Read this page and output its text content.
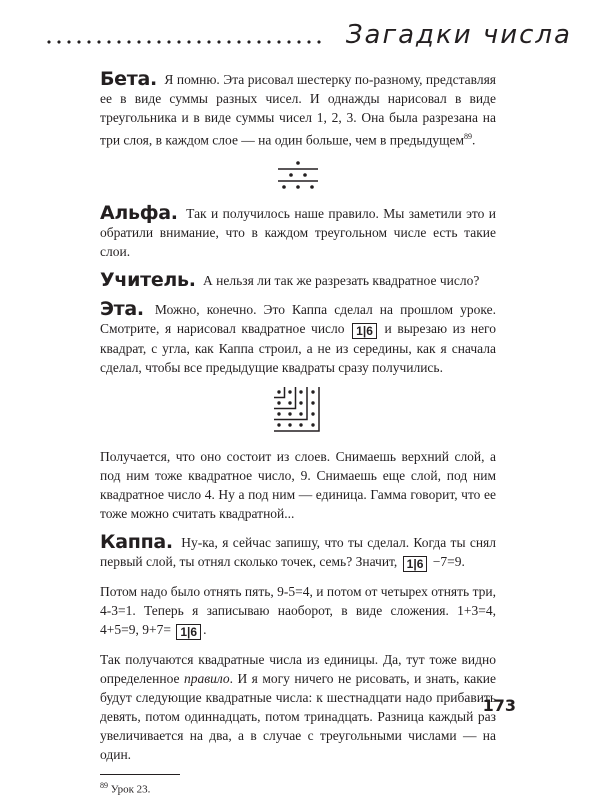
Загадки числа

Бета. Я помню. Эта рисовал шестерку по-разному, представляя ее в виде суммы разных чисел. И однажды нарисовал в виде треугольника и в виде суммы чисел 1, 2, 3. Она была разрезана на три слоя, в каждом слое — на один больше, чем в предыдущем$^{89}$.

Альфа. Так и получилось наше правило. Мы заметили это и обратили внимание, что в каждом треугольном числе есть такие слои.

Учитель. А нельзя ли так же разрезать квадратное число?

Эта. Можно, конечно. Это Каппа сделал на прошлом уроке. Смотрите, я нарисовал квадратное число 1|6 и вырезаю из него квадрат, с угла, как Каппа строил, а не из середины, как я сначала сделал, чтобы все предыдущие квадраты сразу получились.

Получается, что оно состоит из слоев. Снимаешь верхний слой, а под ним тоже квадратное число, 9. Снимаешь еще слой, под ним квадратное число 4. Ну а под ним — единица. Гамма говорит, что ее тоже можно считать квадратной...

Каппа. Ну-ка, я сейчас запишу, что ты сделал. Когда ты снял первый слой, ты отнял сколько точек, семь? Значит, 1|6 −7=9.

Потом надо было отнять пять, 9-5=4, и потом от четырех отнять три, 4-3=1. Теперь я записываю наоборот, в виде сложения. 1+3=4, 4+5=9, 9+7= 1|6 .

Так получаются квадратные числа из единицы. Да, тут тоже видно определенное правило. И я могу ничего не рисовать, и знать, какие будут следующие квадратные числа: к шестнадцати надо прибавить девять, потом одиннадцать, потом тринадцать. Разница каждый раз увеличивается на два, а в случае с треугольными числами — на один.

$^{89}$ Урок 23.
173
